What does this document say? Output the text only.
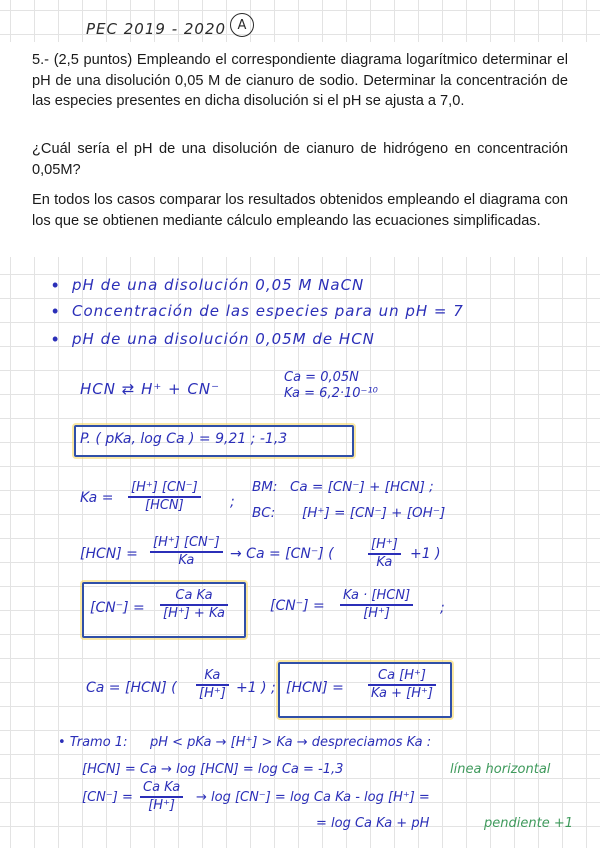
PEC 2019 - 2020 A

5.- (2,5 puntos) Empleando el correspondiente diagrama logarítmico determinar el pH de una disolución 0,05 M de cianuro de sodio. Determinar la concentración de las especies presentes en dicha disolución si el pH se ajusta a 7,0.

¿Cuál sería el pH de una disolución de cianuro de hidrógeno en concentración 0,05M?

En todos los casos comparar los resultados obtenidos empleando el diagrama con los que se obtienen mediante cálculo empleando las ecuaciones simplificadas.

• pH de una disolución 0,05 M NaCN
• Concentración de las especies para un pH = 7
• pH de una disolución 0,05M de HCN
HCN ⇄ H⁺ + CN⁻
Ca = 0,05N
Ka = 6,2·10⁻¹⁰
P. ( pKa, log Ca ) = 9,21 ; -1,3
Ka =
[H⁺] [CN⁻]
[HCN]	;
BM: Ca = [CN⁻] + [HCN] ;
BC: [H⁺] = [CN⁻] + [OH⁻]
[HCN] =
[H⁺] [CN⁻]
Ka	→ Ca = [CN⁻] (
[H⁺]
Ka +1 )
[CN⁻] =
Ca Ka
[H⁺] + Ka	[CN⁻] =
Ka · [HCN]
[H⁺]	;
Ca = [HCN] (
Ka
[H⁺] +1 ) ; [HCN] =
Ca [H⁺]
Ka + [H⁺]
• Tramo 1: pH < pKa → [H⁺] > Ka → despreciamos Ka :
[HCN] = Ca → log [HCN] = log Ca = -1,3	línea horizontal
[CN⁻] =
Ca Ka
[H⁺] → log [CN⁻] = log Ca Ka - log [H⁺] =
= log Ca Ka + pH	pendiente +1
